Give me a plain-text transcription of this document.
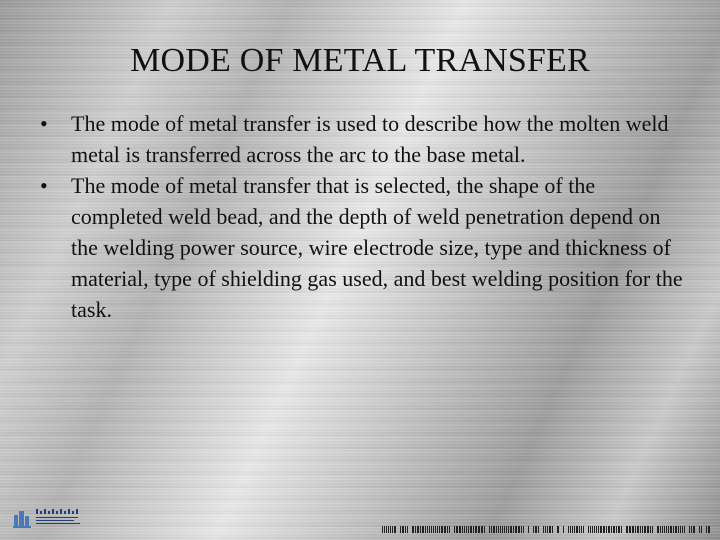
MODE OF METAL TRANSFER
• The mode of metal transfer is used to describe how the molten weld metal is transferred across the arc to the base metal.
• The mode of metal transfer that is selected, the shape of the completed weld bead, and the depth of weld penetration depend on the welding power source, wire electrode size, type and thickness of material, type of shielding gas used, and best welding position for the task.
